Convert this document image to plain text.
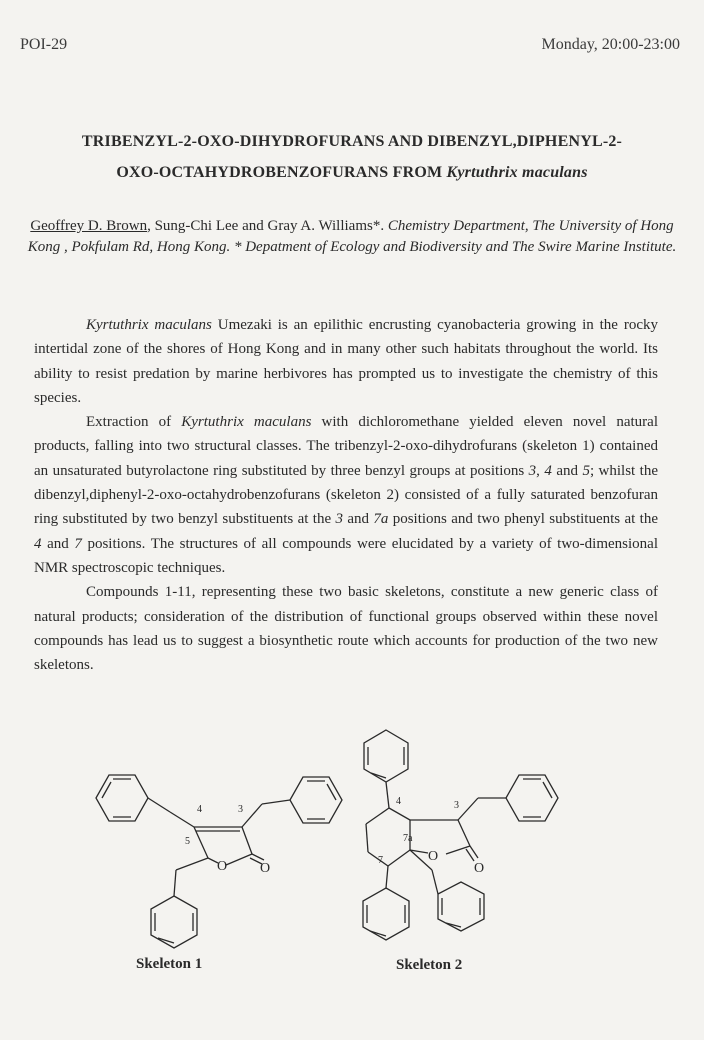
POI-29	Monday, 20:00-23:00
TRIBENZYL-2-OXO-DIHYDROFURANS AND DIBENZYL,DIPHENYL-2-
OXO-OCTAHYDROBENZOFURANS FROM Kyrtuthrix maculans
Geoffrey D. Brown, Sung-Chi Lee and Gray A. Williams*. Chemistry Department, The University of Hong Kong , Pokfulam Rd, Hong Kong. * Depatment of Ecology and Biodiversity and The Swire Marine Institute.

Kyrtuthrix maculans Umezaki is an epilithic encrusting cyanobacteria growing in the rocky intertidal zone of the shores of Hong Kong and in many other such habitats throughout the world. Its ability to resist predation by marine herbivores has prompted us to investigate the chemistry of this species.

Extraction of Kyrtuthrix maculans with dichloromethane yielded eleven novel natural products, falling into two structural classes. The tribenzyl-2-oxo-dihydrofurans (skeleton 1) contained an unsaturated butyrolactone ring substituted by three benzyl groups at positions 3, 4 and 5; whilst the dibenzyl,diphenyl-2-oxo-octahydrobenzofurans (skeleton 2) consisted of a fully saturated benzofuran ring substituted by two benzyl substituents at the 3 and 7a positions and two phenyl substituents at the 4 and 7 positions. The structures of all compounds were elucidated by a variety of two-dimensional NMR spectroscopic techniques.

Compounds 1-11, representing these two basic skeletons, constitute a new generic class of natural products; consideration of the distribution of functional groups observed within these novel compounds has lead us to suggest a biosynthetic route which accounts for production of the two new skeletons.

4	3
5
O O
4	3
7a
7	O
O
Skeleton 1	Skeleton 2
